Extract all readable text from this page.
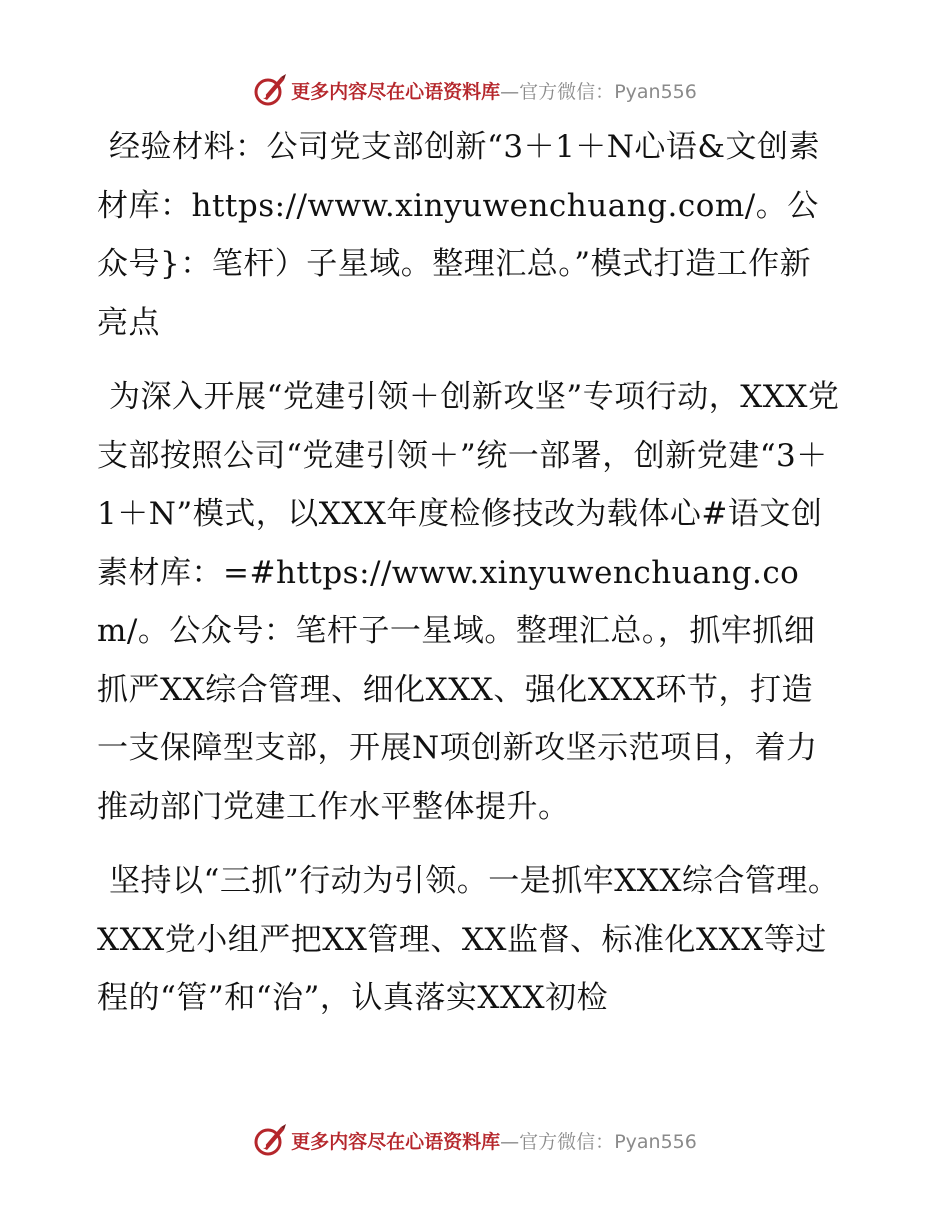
更多内容尽在心语资料库—官方微信：Pyan556

经验材料：公司党支部创新“3＋1＋N心语&文创素材库：https://www.xinyuwenchuang.com/。公众号}：笔杆）子星域。整理汇总。”模式打造工作新亮点

为深入开展“党建引领＋创新攻坚”专项行动，XXX党支部按照公司“党建引领＋”统一部署，创新党建“3＋1＋N”模式，以XXX年度检修技改为载体心#语文创素材库：=#https://www.xinyuwenchuang.com/。公众号：笔杆子一星域。整理汇总。，抓牢抓细抓严XX综合管理、细化XXX、强化XXX环节，打造一支保障型支部，开展N项创新攻坚示范项目，着力推动部门党建工作水平整体提升。

坚持以“三抓”行动为引领。一是抓牢XXX综合管理。XXX党小组严把XX管理、XX监督、标准化XXX等过程的“管”和“治”，认真落实XXX初检

更多内容尽在心语资料库—官方微信：Pyan556
